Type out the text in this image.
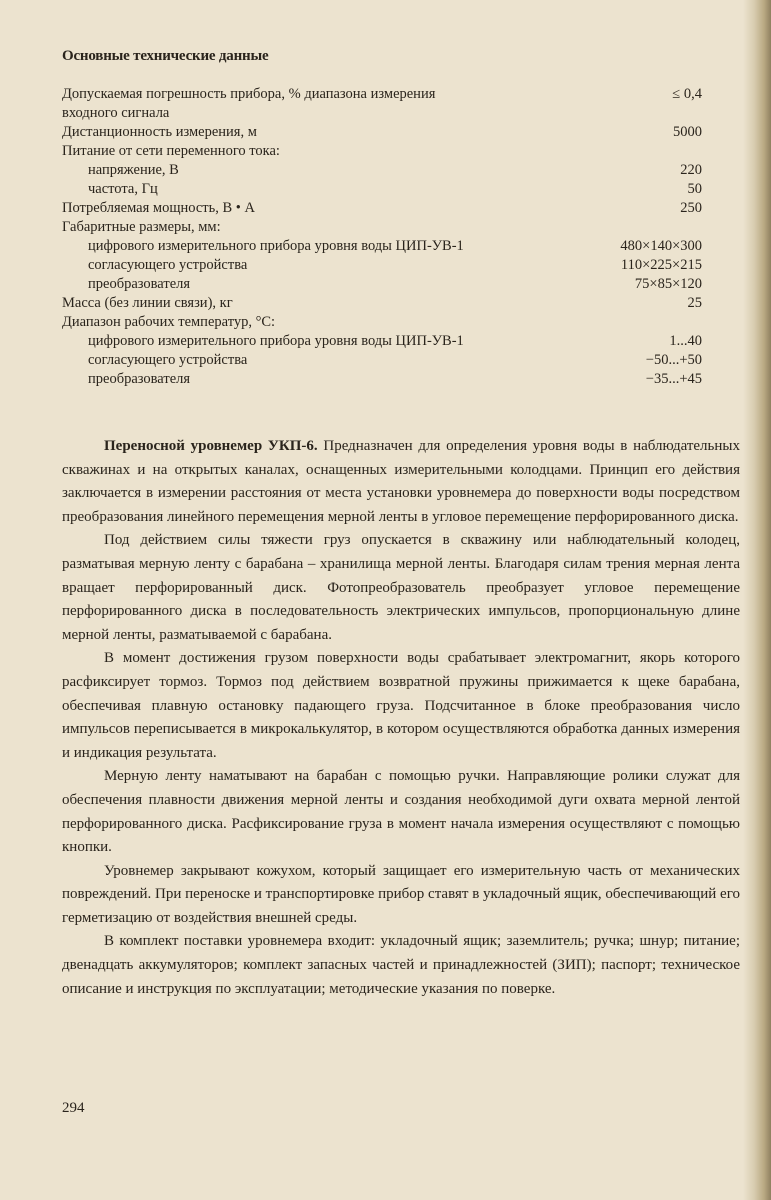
Основные технические данные
Допускаемая погрешность прибора, % диапазона измерения	≤ 0,4
входного сигнала	
Дистанционность измерения, м	5000
Питание от сети переменного тока:	
напряжение, В	220
частота, Гц	50
Потребляемая мощность, В • А	250
Габаритные размеры, мм:	
цифрового измерительного прибора уровня воды ЦИП-УВ-1	480×140×300
согласующего устройства	110×225×215
преобразователя	75×85×120
Масса (без линии связи), кг	25
Диапазон рабочих температур, °С:	
цифрового измерительного прибора уровня воды ЦИП-УВ-1	1...40
согласующего устройства	−50...+50
преобразователя	−35...+45

Переносной уровнемер УКП-6. Предназначен для определения уровня воды в наблюдательных скважинах и на открытых каналах, оснащенных измерительными колодцами. Принцип его действия заключается в измерении расстояния от места установки уровнемера до поверхности воды посредством преобразования линейного перемещения мерной ленты в угловое перемещение перфорированного диска.

Под действием силы тяжести груз опускается в скважину или наблюдательный колодец, разматывая мерную ленту с барабана – хранилища мерной ленты. Благодаря силам трения мерная лента вращает перфорированный диск. Фотопреобразователь преобразует угловое перемещение перфорированного диска в последовательность электрических импульсов, пропорциональную длине мерной ленты, разматываемой с барабана.

В момент достижения грузом поверхности воды срабатывает электромагнит, якорь которого расфиксирует тормоз. Тормоз под действием возвратной пружины прижимается к щеке барабана, обеспечивая плавную остановку падающего груза. Подсчитанное в блоке преобразования число импульсов переписывается в микрокалькулятор, в котором осуществляются обработка данных измерения и индикация результата.

Мерную ленту наматывают на барабан с помощью ручки. Направляющие ролики служат для обеспечения плавности движения мерной ленты и создания необходимой дуги охвата мерной лентой перфорированного диска. Расфиксирование груза в момент начала измерения осуществляют с помощью кнопки.

Уровнемер закрывают кожухом, который защищает его измерительную часть от механических повреждений. При переноске и транспортировке прибор ставят в укладочный ящик, обеспечивающий его герметизацию от воздействия внешней среды.

В комплект поставки уровнемера входит: укладочный ящик; заземлитель; ручка; шнур; питание; двенадцать аккумуляторов; комплект запасных частей и принадлежностей (ЗИП); паспорт; техническое описание и инструкция по эксплуатации; методические указания по поверке.

294
